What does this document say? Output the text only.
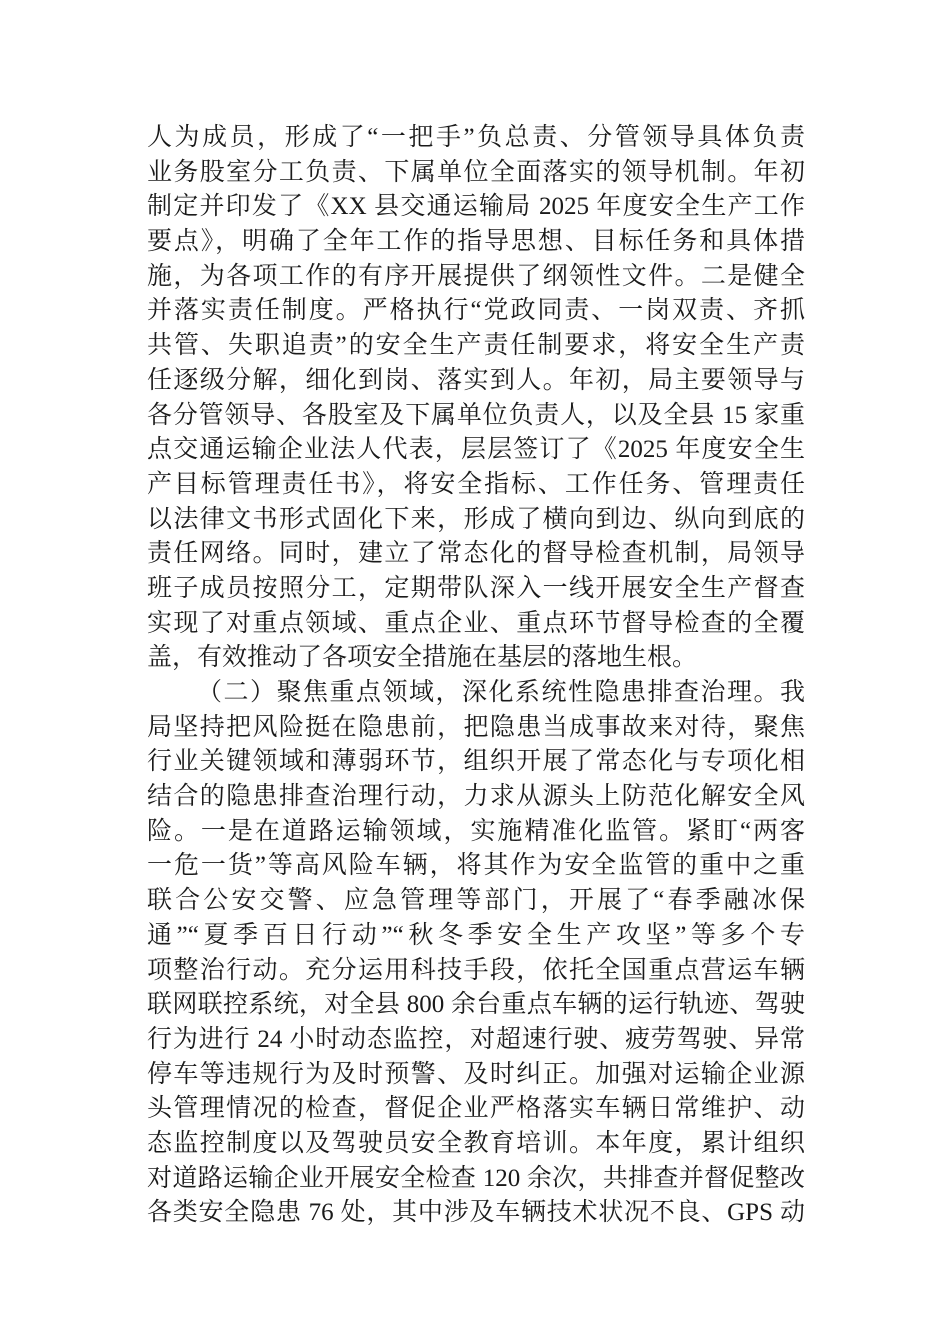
人为成员，形成了“一把手”负总责、分管领导具体负责
业务股室分工负责、下属单位全面落实的领导机制。年初
制定并印发了《XX 县交通运输局 2025 年度安全生产工作
要点》，明确了全年工作的指导思想、目标任务和具体措
施，为各项工作的有序开展提供了纲领性文件。二是健全
并落实责任制度。严格执行“党政同责、一岗双责、齐抓
共管、失职追责”的安全生产责任制要求，将安全生产责
任逐级分解，细化到岗、落实到人。年初，局主要领导与
各分管领导、各股室及下属单位负责人，以及全县 15 家重
点交通运输企业法人代表，层层签订了《2025 年度安全生
产目标管理责任书》，将安全指标、工作任务、管理责任
以法律文书形式固化下来，形成了横向到边、纵向到底的
责任网络。同时，建立了常态化的督导检查机制，局领导
班子成员按照分工，定期带队深入一线开展安全生产督查
实现了对重点领域、重点企业、重点环节督导检查的全覆
盖，有效推动了各项安全措施在基层的落地生根。
（二）聚焦重点领域，深化系统性隐患排查治理。我
局坚持把风险挺在隐患前，把隐患当成事故来对待，聚焦
行业关键领域和薄弱环节，组织开展了常态化与专项化相
结合的隐患排查治理行动，力求从源头上防范化解安全风
险。一是在道路运输领域，实施精准化监管。紧盯“两客
一危一货”等高风险车辆，将其作为安全监管的重中之重
联合公安交警、应急管理等部门，开展了“春季融冰保
通”“夏季百日行动”“秋冬季安全生产攻坚”等多个专
项整治行动。充分运用科技手段，依托全国重点营运车辆
联网联控系统，对全县 800 余台重点车辆的运行轨迹、驾驶
行为进行 24 小时动态监控，对超速行驶、疲劳驾驶、异常
停车等违规行为及时预警、及时纠正。加强对运输企业源
头管理情况的检查，督促企业严格落实车辆日常维护、动
态监控制度以及驾驶员安全教育培训。本年度，累计组织
对道路运输企业开展安全检查 120 余次，共排查并督促整改
各类安全隐患 76 处，其中涉及车辆技术状况不良、GPS 动
